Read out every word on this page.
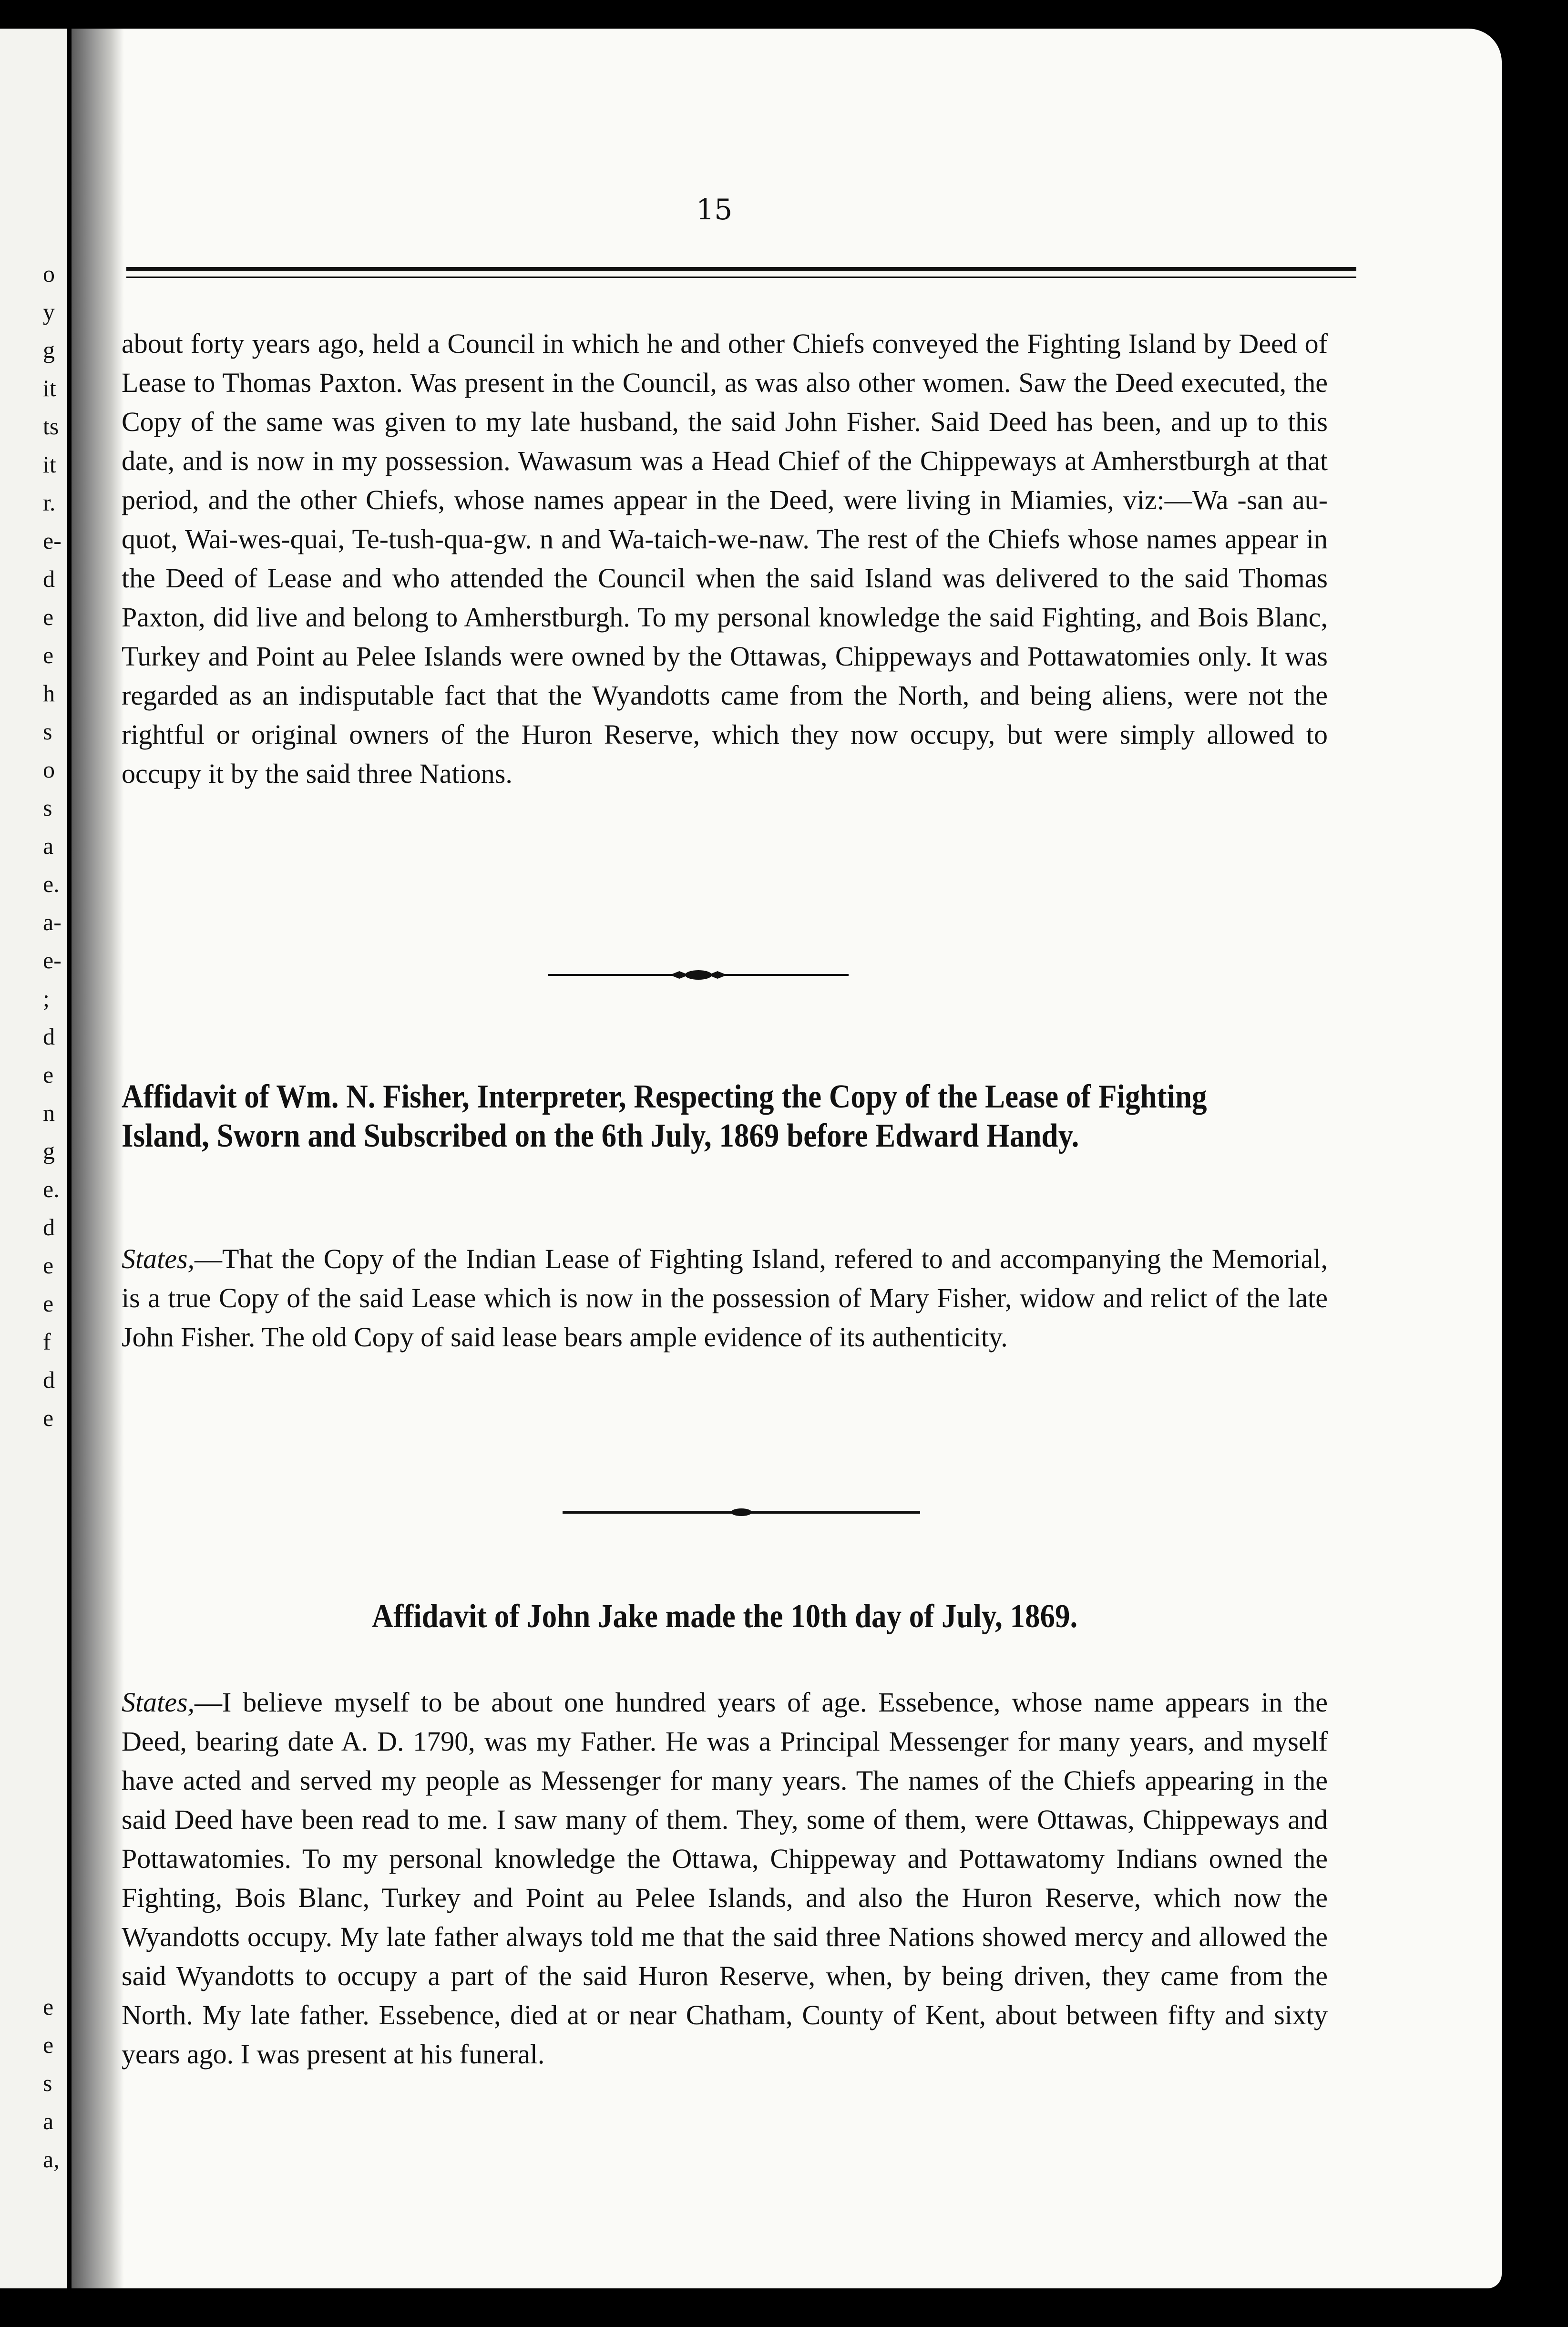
o
y
g
it
ts
it
r.
e-
d
e
e
h
s
o
s
a
e.
a-
e-
;
d
e
n
g
e.
d
e
e
f
d
e
e
e
s
a
a,

15

about forty years ago, held a Council in which he and other Chiefs conveyed the Fighting Island by Deed of Lease to Thomas Paxton. Was present in the Council, as was also other women. Saw the Deed executed, the Copy of the same was given to my late husband, the said John Fisher. Said Deed has been, and up to this date, and is now in my possession. Wawasum was a Head Chief of the Chippeways at Amherstburgh at that period, and the other Chiefs, whose names appear in the Deed, were living in Miamies, viz:—Wa -san au-quot, Wai-wes-quai, Te-tush-qua-gw. n and Wa-taich-we-naw. The rest of the Chiefs whose names appear in the Deed of Lease and who attended the Council when the said Island was delivered to the said Thomas Paxton, did live and belong to Amherstburgh. To my personal knowledge the said Fighting, and Bois Blanc, Turkey and Point au Pelee Islands were owned by the Ottawas, Chippeways and Pottawatomies only. It was regarded as an indisputable fact that the Wyandotts came from the North, and being aliens, were not the rightful or original owners of the Huron Reserve, which they now occupy, but were simply allowed to occupy it by the said three Nations.

Affidavit of Wm. N. Fisher, Interpreter, Respecting the Copy of the Lease of Fighting Island, Sworn and Subscribed on the 6th July, 1869 before Edward Handy.

States,—That the Copy of the Indian Lease of Fighting Island, refered to and accompanying the Memorial, is a true Copy of the said Lease which is now in the possession of Mary Fisher, widow and relict of the late John Fisher. The old Copy of said lease bears ample evidence of its authenticity.

Affidavit of John Jake made the 10th day of July, 1869.

States,—I believe myself to be about one hundred years of age. Essebence, whose name appears in the Deed, bearing date A. D. 1790, was my Father. He was a Principal Messenger for many years, and myself have acted and served my people as Messenger for many years. The names of the Chiefs appearing in the said Deed have been read to me. I saw many of them. They, some of them, were Ottawas, Chippeways and Pottawatomies. To my personal knowledge the Ottawa, Chippeway and Pottawatomy Indians owned the Fighting, Bois Blanc, Turkey and Point au Pelee Islands, and also the Huron Reserve, which now the Wyandotts occupy. My late father always told me that the said three Nations showed mercy and allowed the said Wyandotts to occupy a part of the said Huron Reserve, when, by being driven, they came from the North. My late father. Essebence, died at or near Chatham, County of Kent, about between fifty and sixty years ago. I was present at his funeral.
